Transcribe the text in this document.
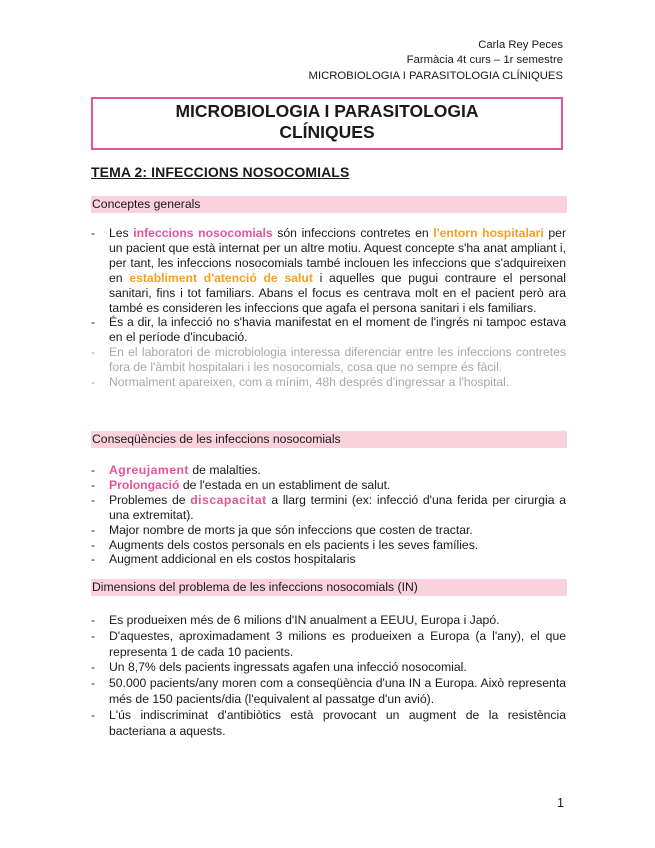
Carla Rey Peces
Farmàcia 4t curs – 1r semestre
MICROBIOLOGIA I PARASITOLOGIA CLÍNIQUES
MICROBIOLOGIA I PARASITOLOGIA
CLÍNIQUES
TEMA 2: INFECCIONS NOSOCOMIALS
Conceptes generals
- Les infeccions nosocomials són infeccions contretes en l'entorn hospitalari per un pacient que està internat per un altre motiu. Aquest concepte s'ha anat ampliant i, per tant, les infeccions nosocomials també inclouen les infeccions que s'adquireixen en establiment d'atenció de salut i aquelles que pugui contraure el personal sanitari, fins i tot familiars. Abans el focus es centrava molt en el pacient però ara també es consideren les infeccions que agafa el persona sanitari i els familiars.
- És a dir, la infecció no s'havia manifestat en el moment de l'ingrés ni tampoc estava en el període d'incubació.
- En el laboratori de microbiologia interessa diferenciar entre les infeccions contretes fora de l'àmbit hospitalari i les nosocomials, cosa que no sempre és fàcil.
- Normalment apareixen, com a mínim, 48h després d'ingressar a l'hospital.
Conseqüències de les infeccions nosocomials
- Agreujament de malalties.
- Prolongació de l'estada en un establiment de salut.
- Problemes de discapacitat a llarg termini (ex: infecció d'una ferida per cirurgia a una extremitat).
- Major nombre de morts ja que són infeccions que costen de tractar.
- Augments dels costos personals en els pacients i les seves famílies.
- Augment addicional en els costos hospitalaris
Dimensions del problema de les infeccions nosocomials (IN)
- Es produeixen més de 6 milions d'IN anualment a EEUU, Europa i Japó.
- D'aquestes, aproximadament 3 milions es produeixen a Europa (a l'any), el que representa 1 de cada 10 pacients.
- Un 8,7% dels pacients ingressats agafen una infecció nosocomial.
- 50.000 pacients/any moren com a conseqüència d'una IN a Europa. Això representa més de 150 pacients/dia (l'equivalent al passatge d'un avió).
- L'ús indiscriminat d'antibiòtics està provocant un augment de la resistència bacteriana a aquests.
1
